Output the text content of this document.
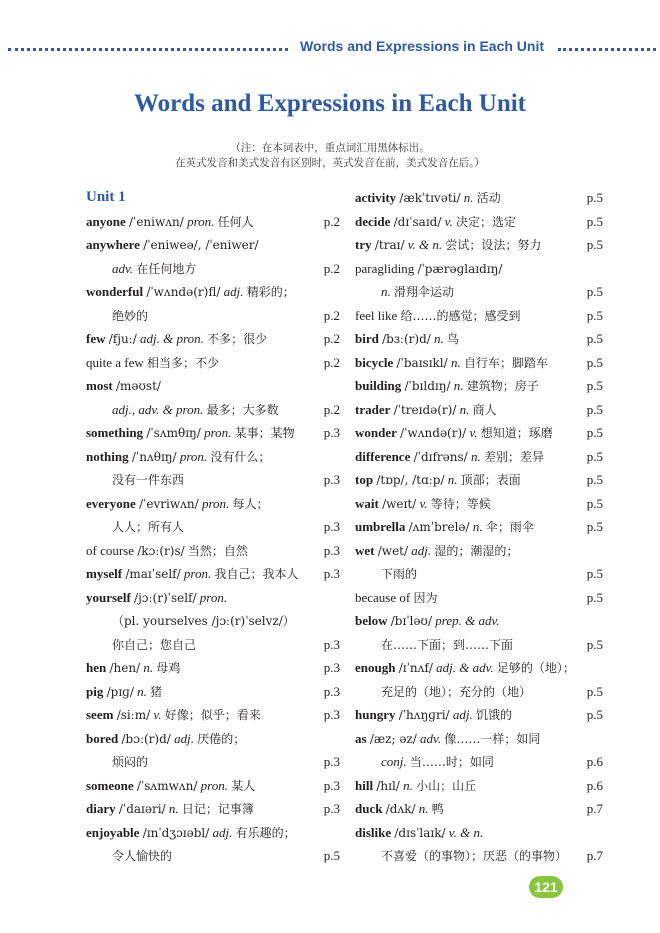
Words and Expressions in Each Unit
Words and Expressions in Each Unit
（注：在本词表中，重点词汇用黑体标出。
在英式发音和美式发音有区别时，英式发音在前，美式发音在后。）
Unit 1
anyone /ˈeniwʌn/ pron. 任何人	p.2
anywhere /ˈeniweə/, /ˈeniwer/
adv. 在任何地方	p.2
wonderful /ˈwʌndə(r)fl/ adj. 精彩的；
绝妙的	p.2
few /fjuː/ adj. & pron. 不多；很少	p.2
quite a few 相当多；不少	p.2
most /məʊst/
adj., adv. & pron. 最多；大多数	p.2
something /ˈsʌmθɪŋ/ pron. 某事；某物 p.3
nothing /ˈnʌθɪŋ/ pron. 没有什么；
没有一件东西	p.3
everyone /ˈevriwʌn/ pron. 每人；
人人；所有人	p.3
of course /kɔː(r)s/ 当然；自然	p.3
myself /maɪˈself/ pron. 我自己；我本人 p.3
yourself /jɔː(r)ˈself/ pron.
（pl. yourselves /jɔː(r)ˈselvz/）
你自己；您自己	p.3
hen /hen/ n. 母鸡	p.3
pig /pɪɡ/ n. 猪	p.3
seem /siːm/ v. 好像；似乎；看来	p.3
bored /bɔː(r)d/ adj. 厌倦的；
烦闷的	p.3
someone /ˈsʌmwʌn/ pron. 某人	p.3
diary /ˈdaɪəri/ n. 日记；记事簿	p.3
enjoyable /ɪnˈdʒɔɪəbl/ adj. 有乐趣的；
令人愉快的	p.5
activity /ækˈtɪvəti/ n. 活动	p.5
decide /dɪˈsaɪd/ v. 决定；选定	p.5
try /traɪ/ v. & n. 尝试；设法；努力	p.5
paragliding /ˈpærəɡlaɪdɪŋ/
n. 滑翔伞运动	p.5
feel like 给……的感觉；感受到	p.5
bird /bɜː(r)d/ n. 鸟	p.5
bicycle /ˈbaɪsɪkl/ n. 自行车；脚踏车	p.5
building /ˈbɪldɪŋ/ n. 建筑物；房子	p.5
trader /ˈtreɪdə(r)/ n. 商人	p.5
wonder /ˈwʌndə(r)/ v. 想知道；琢磨	p.5
difference /ˈdɪfrəns/ n. 差别；差异	p.5
top /tɒp/, /tɑːp/ n. 顶部；表面	p.5
wait /weɪt/ v. 等待；等候	p.5
umbrella /ʌmˈbrelə/ n. 伞；雨伞	p.5
wet /wet/ adj. 湿的；潮湿的；
下雨的	p.5
because of 因为	p.5
below /bɪˈləʊ/ prep. & adv.
在……下面；到……下面	p.5
enough /ɪˈnʌf/ adj. & adv. 足够的（地）；
充足的（地）；充分的（地）	p.5
hungry /ˈhʌŋɡri/ adj. 饥饿的	p.5
as /æz; əz/ adv. 像……一样；如同
conj. 当……时；如同	p.6
hill /hɪl/ n. 小山；山丘	p.6
duck /dʌk/ n. 鸭	p.7
dislike /dɪsˈlaɪk/ v. & n.
不喜爱（的事物）；厌恶（的事物） p.7
121
